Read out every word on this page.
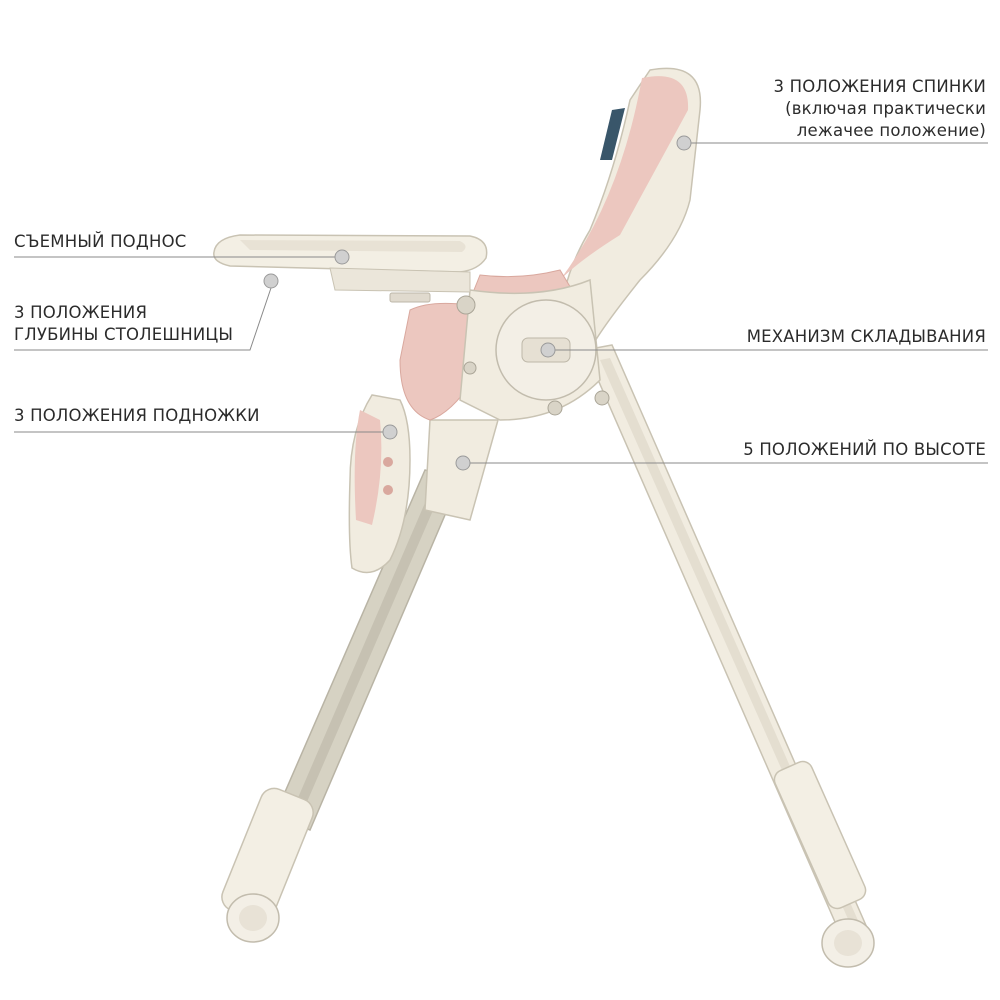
3 ПОЛОЖЕНИЯ СПИНКИ
(включая практически
лежачее положение)
СЪЕМНЫЙ ПОДНОС
3 ПОЛОЖЕНИЯ
ГЛУБИНЫ СТОЛЕШНИЦЫ	МЕХАНИЗМ СКЛАДЫВАНИЯ
3 ПОЛОЖЕНИЯ ПОДНОЖКИ
5 ПОЛОЖЕНИЙ ПО ВЫСОТЕ
